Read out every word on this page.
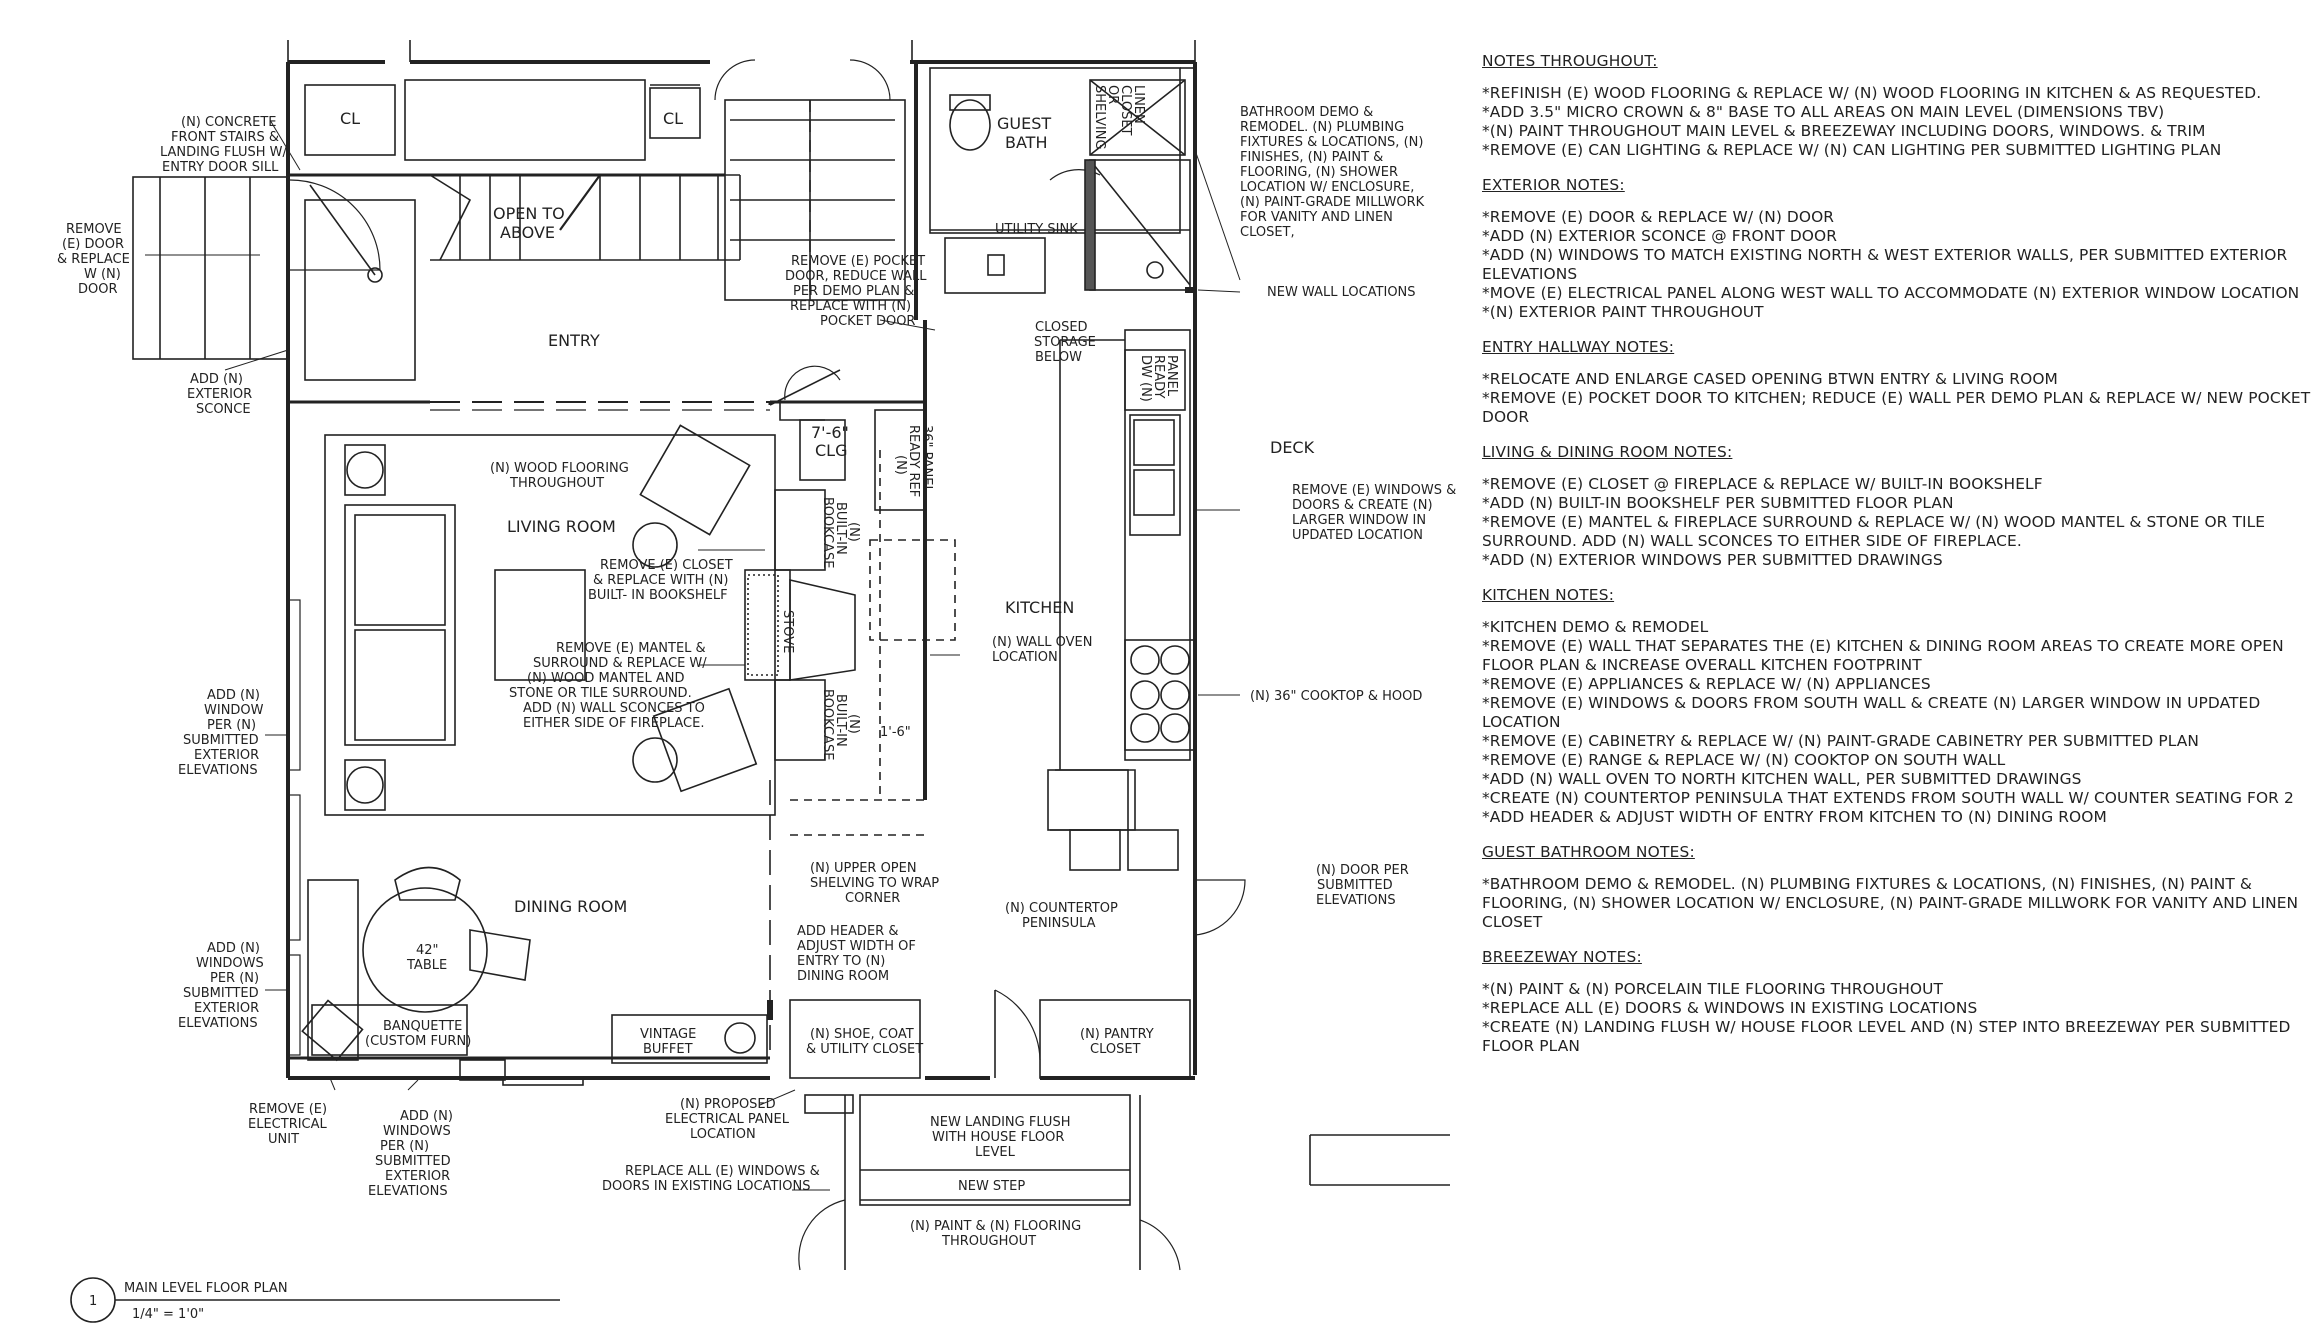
CL	CL
OPEN TO
ABOVE
ENTRY
LIVING ROOM
DINING ROOM
KITCHEN
DECK
GUEST
BATH
7'-6"
CLG
UTILITY SINK
42"
TABLE
STOVE
LINEN
CLOSET
OR
SHELVING
(N) CONCRETE
FRONT STAIRS &
LANDING FLUSH W/
ENTRY DOOR SILL
REMOVE
(E) DOOR
& REPLACE
W (N)
DOOR
ADD (N)
EXTERIOR
SCONCE
ADD (N)
WINDOW
PER (N)
SUBMITTED
EXTERIOR
ELEVATIONS
ADD (N)
WINDOWS
PER (N)
SUBMITTED
EXTERIOR
ELEVATIONS
REMOVE (E)
ELECTRICAL
UNIT
ADD (N)
WINDOWS
PER (N)
SUBMITTED
EXTERIOR
ELEVATIONS
(N) WOOD FLOORING
THROUGHOUT
REMOVE (E) CLOSET
& REPLACE WITH (N)
BUILT- IN BOOKSHELF
REMOVE (E) MANTEL &
SURROUND & REPLACE W/
(N) WOOD MANTEL AND
STONE OR TILE SURROUND.
ADD (N) WALL SCONCES TO
EITHER SIDE OF FIREPLACE.
REMOVE (E) POCKET
DOOR, REDUCE WALL
PER DEMO PLAN &
REPLACE WITH (N)
POCKET DOOR
BATHROOM DEMO &
REMODEL. (N) PLUMBING
FIXTURES & LOCATIONS, (N)
FINISHES, (N) PAINT &
FLOORING, (N) SHOWER
LOCATION W/ ENCLOSURE,
(N) PAINT-GRADE MILLWORK
FOR VANITY AND LINEN
CLOSET,
NEW WALL LOCATIONS
CLOSED
STORAGE
BELOW	PANEL
READY
DW (N)
36" PANEL
READY REF
(N)
(N)
BUILT-IN
BOOKCASE
(N)
BUILT-IN
BOOKCASE	1'-6"
REMOVE (E) WINDOWS &
DOORS & CREATE (N)
LARGER WINDOW IN
UPDATED LOCATION
(N) WALL OVEN
LOCATION
(N) 36" COOKTOP & HOOD
(N) DOOR PER
SUBMITTED
ELEVATIONS
(N) UPPER OPEN
SHELVING TO WRAP
CORNER
(N) COUNTERTOP
PENINSULA
ADD HEADER &
ADJUST WIDTH OF
ENTRY TO (N)
DINING ROOM
BANQUETTE
(CUSTOM FURN)	VINTAGE
BUFFET
(N) SHOE, COAT
& UTILITY CLOSET
(N) PANTRY
CLOSET
(N) PROPOSED
ELECTRICAL PANEL
LOCATION
REPLACE ALL (E) WINDOWS &
DOORS IN EXISTING LOCATIONS
NEW LANDING FLUSH
WITH HOUSE FLOOR
LEVEL
NEW STEP
(N) PAINT & (N) FLOORING
THROUGHOUT
1
MAIN LEVEL FLOOR PLAN
1/4" = 1'0"
NOTES THROUGHOUT:
*REFINISH (E) WOOD FLOORING & REPLACE W/ (N) WOOD FLOORING IN KITCHEN & AS REQUESTED.
*ADD 3.5" MICRO CROWN & 8" BASE TO ALL AREAS ON MAIN LEVEL (DIMENSIONS TBV)
*(N) PAINT THROUGHOUT MAIN LEVEL & BREEZEWAY INCLUDING DOORS, WINDOWS. & TRIM
*REMOVE (E) CAN LIGHTING & REPLACE W/ (N) CAN LIGHTING PER SUBMITTED LIGHTING PLAN
EXTERIOR NOTES:
*REMOVE (E) DOOR & REPLACE W/ (N) DOOR
*ADD (N) EXTERIOR SCONCE @ FRONT DOOR
*ADD (N) WINDOWS TO MATCH EXISTING NORTH & WEST EXTERIOR WALLS, PER SUBMITTED EXTERIOR
ELEVATIONS
*MOVE (E) ELECTRICAL PANEL ALONG WEST WALL TO ACCOMMODATE (N) EXTERIOR WINDOW LOCATION
*(N) EXTERIOR PAINT THROUGHOUT
ENTRY HALLWAY NOTES:
*RELOCATE AND ENLARGE CASED OPENING BTWN ENTRY & LIVING ROOM
*REMOVE (E) POCKET DOOR TO KITCHEN; REDUCE (E) WALL PER DEMO PLAN & REPLACE W/ NEW POCKET
DOOR
LIVING & DINING ROOM NOTES:
*REMOVE (E) CLOSET @ FIREPLACE & REPLACE W/ BUILT-IN BOOKSHELF
*ADD (N) BUILT-IN BOOKSHELF PER SUBMITTED FLOOR PLAN
*REMOVE (E) MANTEL & FIREPLACE SURROUND & REPLACE W/ (N) WOOD MANTEL & STONE OR TILE
SURROUND. ADD (N) WALL SCONCES TO EITHER SIDE OF FIREPLACE.
*ADD (N) EXTERIOR WINDOWS PER SUBMITTED DRAWINGS
KITCHEN NOTES:
*KITCHEN DEMO & REMODEL
*REMOVE (E) WALL THAT SEPARATES THE (E) KITCHEN & DINING ROOM AREAS TO CREATE MORE OPEN
FLOOR PLAN & INCREASE OVERALL KITCHEN FOOTPRINT
*REMOVE (E) APPLIANCES & REPLACE W/ (N) APPLIANCES
*REMOVE (E) WINDOWS & DOORS FROM SOUTH WALL & CREATE (N) LARGER WINDOW IN UPDATED LOCATION
*REMOVE (E) CABINETRY & REPLACE W/ (N) PAINT-GRADE CABINETRY PER SUBMITTED PLAN
*REMOVE (E) RANGE & REPLACE W/ (N) COOKTOP ON SOUTH WALL
*ADD (N) WALL OVEN TO NORTH KITCHEN WALL, PER SUBMITTED DRAWINGS
*CREATE (N) COUNTERTOP PENINSULA THAT EXTENDS FROM SOUTH WALL W/ COUNTER SEATING FOR 2
*ADD HEADER & ADJUST WIDTH OF ENTRY FROM KITCHEN TO (N) DINING ROOM
GUEST BATHROOM NOTES:
*BATHROOM DEMO & REMODEL. (N) PLUMBING FIXTURES & LOCATIONS, (N) FINISHES, (N) PAINT &
FLOORING, (N) SHOWER LOCATION W/ ENCLOSURE, (N) PAINT-GRADE MILLWORK FOR VANITY AND LINEN
CLOSET
BREEZEWAY NOTES:
*(N) PAINT & (N) PORCELAIN TILE FLOORING THROUGHOUT
*REPLACE ALL (E) DOORS & WINDOWS IN EXISTING LOCATIONS
*CREATE (N) LANDING FLUSH W/ HOUSE FLOOR LEVEL AND (N) STEP INTO BREEZEWAY PER SUBMITTED
FLOOR PLAN
